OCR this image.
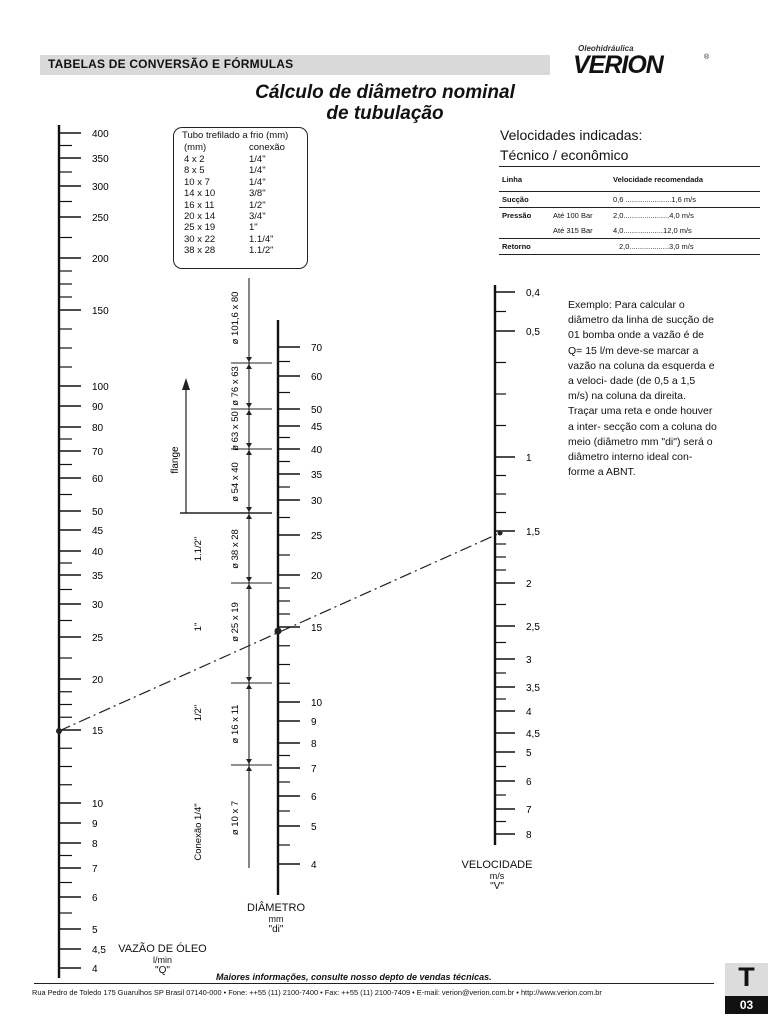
TABELAS DE CONVERSÃO E FÓRMULAS
Oleohidráulica
VERION	®
Cálculo de diâmetro nominal
de tubulação
Tubo trefilado a frio (mm)
(mm)	conexão
4 x 2	1/4"
8 x 5	1/4"
10 x 7	1/4"
14 x 10	3/8"
16 x 11	1/2"
20 x 14	3/4"
25 x 19	1"
30 x 22	1.1/4"
38 x 28	1.1/2"
Velocidades indicadas:
Técnico / econômico
Linha		Velocidade recomendada
Sucção		0,6 ......................1,6 m/s
Pressão	Até 100 Bar	2,0......................4,0 m/s
	Até 315 Bar	4,0...................12,0 m/s
Retorno		2,0...................3,0 m/s
Exemplo: Para calcular o diâmetro da linha de sucção de 01 bomba onde a vazão é de Q= 15 l/m deve-se marcar a vazão na coluna da esquerda e a veloci- dade (de 0,5 a 1,5 m/s) na coluna da direita. Traçar uma reta e onde houver a inter- secção com a coluna do meio (diâmetro mm "di") será o diâmetro interno ideal con- forme a ABNT.
400
350
300
250
200
150
100
90
80
70
60
50
45
40
35
30
25
20
15
10
9
8
7
6
5
4,5
4
70
60
50
45
40
35
30
25
20
15
10
9
8
7
6
5
4
0,4
0,5
1
1,5
2
2,5
3
3,5
4
4,5
5
6
7
8
ø 101,6 x 80
ø 76 x 63
ø 63 x 50
ø 54 x 40
ø 38 x 28
ø 25 x 19
ø 16 x 11
ø 10 x 7
1.1/2"
1"
1/2"
Conexão 1/4"
flange
VAZÃO DE ÓLEO
l/min
"Q"
DIÂMETRO
mm
"di"
VELOCIDADE
m/s
"V"
Maiores informações, consulte nosso depto de vendas técnicas.
Rua Pedro de Toledo 175 Guarulhos SP Brasil 07140-000 • Fone: ++55 (11) 2100-7400 • Fax: ++55 (11) 2100-7409 • E-mail: verion@verion.com.br • http://www.verion.com.br
T
03
